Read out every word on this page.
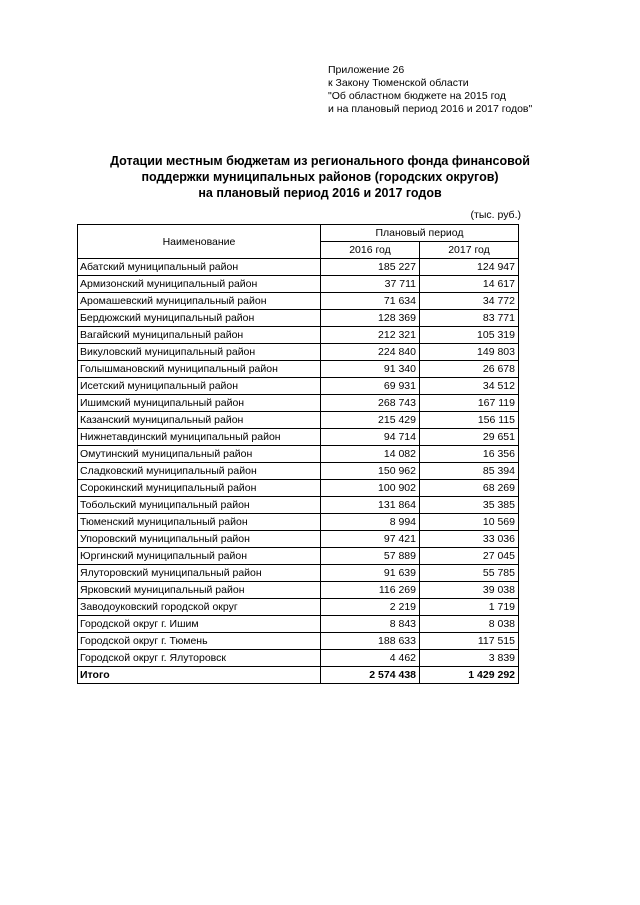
Приложение 26
к Закону Тюменской области
"Об областном бюджете на 2015 год
и на плановый период 2016 и 2017 годов"
Дотации местным бюджетам из регионального фонда финансовой
поддержки муниципальных районов (городских округов)
на плановый период 2016 и 2017 годов
(тыс. руб.)
Наименование	Плановый период	
	2016 год	2017 год
Абатский муниципальный район	185 227	124 947
Армизонский муниципальный район	37 711	14 617
Аромашевский муниципальный район	71 634	34 772
Бердюжский муниципальный район	128 369	83 771
Вагайский муниципальный район	212 321	105 319
Викуловский муниципальный район	224 840	149 803
Голышмановский муниципальный район	91 340	26 678
Исетский муниципальный район	69 931	34 512
Ишимский муниципальный район	268 743	167 119
Казанский муниципальный район	215 429	156 115
Нижнетавдинский муниципальный район	94 714	29 651
Омутинский муниципальный район	14 082	16 356
Сладковский муниципальный район	150 962	85 394
Сорокинский муниципальный район	100 902	68 269
Тобольский муниципальный район	131 864	35 385
Тюменский муниципальный район	8 994	10 569
Упоровский муниципальный район	97 421	33 036
Юргинский муниципальный район	57 889	27 045
Ялуторовский муниципальный район	91 639	55 785
Ярковский муниципальный район	116 269	39 038
Заводоуковский городской округ	2 219	1 719
Городской округ г. Ишим	8 843	8 038
Городской округ г. Тюмень	188 633	117 515
Городской округ г. Ялуторовск	4 462	3 839
Итого	2 574 438	1 429 292
